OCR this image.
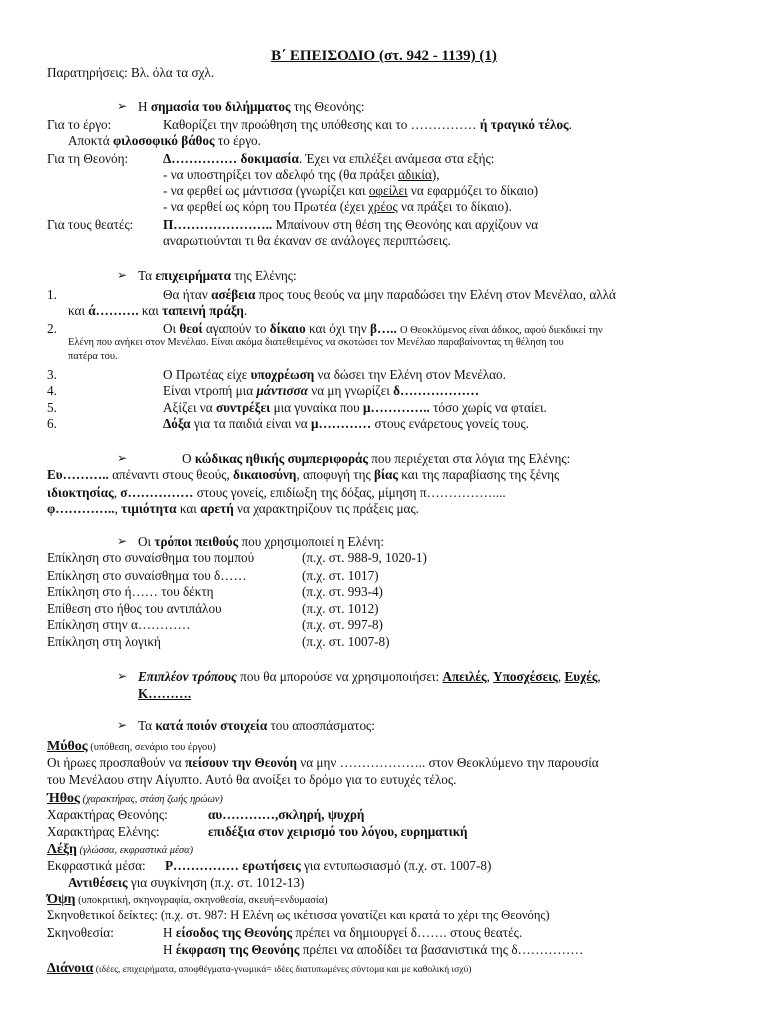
Β΄ ΕΠΕΙΣΟΔΙΟ (στ. 942 - 1139) (1)
Παρατηρήσεις: Βλ. όλα τα σχλ.
➢ Η σημασία του διλήμματος της Θεονόης:
Για το έργο:	Καθορίζει την προώθηση της υπόθεσης και το …………… ή τραγικό τέλος.
Αποκτά φιλοσοφικό βάθος το έργο.
Για τη Θεονόη:	Δ…………… δοκιμασία. Έχει να επιλέξει ανάμεσα στα εξής:
- να υποστηρίξει τον αδελφό της (θα πράξει αδικία),
- να φερθεί ως μάντισσα (γνωρίζει και οφείλει να εφαρμόζει το δίκαιο)
- να φερθεί ως κόρη του Πρωτέα (έχει χρέος να πράξει το δίκαιο).
Για τους θεατές: Π………………….. Μπαίνουν στη θέση της Θεονόης και αρχίζουν να
αναρωτιούνται τι θα έκαναν σε ανάλογες περιπτώσεις.
➢ Τα επιχειρήματα της Ελένης:
1.	Θα ήταν ασέβεια προς τους θεούς να μην παραδώσει την Ελένη στον Μενέλαο, αλλά
και ά………. και ταπεινή πράξη.
2.	Οι θεοί αγαπούν το δίκαιο και όχι την β….. Ο Θεοκλύμενος είναι άδικος, αφού διεκδικεί την
Ελένη που ανήκει στον Μενέλαο. Είναι ακόμα διατεθειμένος να σκοτώσει τον Μενέλαο παραβαίνοντας τη θέληση του
πατέρα του.
3.	Ο Πρωτέας είχε υποχρέωση να δώσει την Ελένη στον Μενέλαο.
4.	Είναι ντροπή μια μάντισσα να μη γνωρίζει δ………………
5.	Αξίζει να συντρέξει μια γυναίκα που μ………….. τόσο χωρίς να φταίει.
6.	Δόξα για τα παιδιά είναι να μ………… στους ενάρετους γονείς τους.
➢	Ο κώδικας ηθικής συμπεριφοράς που περιέχεται στα λόγια της Ελένης:
Ευ……….. απέναντι στους θεούς, δικαιοσύνη, αποφυγή της βίας και της παραβίασης της ξένης
ιδιοκτησίας, σ…………… στους γονείς, επιδίωξη της δόξας, μίμηση π……………....
φ………….., τιμιότητα και αρετή να χαρακτηρίζουν τις πράξεις μας.
➢ Οι τρόποι πειθούς που χρησιμοποιεί η Ελένη:
Επίκληση στο συναίσθημα του πομπού	(π.χ. στ. 988-9, 1020-1)
Επίκληση στο συναίσθημα του δ……	(π.χ. στ. 1017)
Επίκληση στο ή…… του δέκτη	(π.χ. στ. 993-4)
Επίθεση στο ήθος του αντιπάλου	(π.χ. στ. 1012)
Επίκληση στην α…………	(π.χ. στ. 997-8)
Επίκληση στη λογική	(π.χ. στ. 1007-8)
➢ Επιπλέον τρόπους που θα μπορούσε να χρησιμοποιήσει: Απειλές, Υποσχέσεις, Ευχές,
Κ……….
➢ Τα κατά ποιόν στοιχεία του αποσπάσματος:
Μύθος (υπόθεση, σενάριο του έργου)
Οι ήρωες προσπαθούν να πείσουν την Θεονόη να μην ……………….. στον Θεοκλύμενο την παρουσία
του Μενέλαου στην Αίγυπτο. Αυτό θα ανοίξει το δρόμο για το ευτυχές τέλος.
Ήθος (χαρακτήρας, στάση ζωής ηρώων)
Χαρακτήρας Θεονόης:	αυ…………,σκληρή, ψυχρή
Χαρακτήρας Ελένης:	επιδέξια στον χειρισμό του λόγου, ευρηματική
Λέξη (γλώσσα, εκφραστικά μέσα)
Εκφραστικά μέσα: Ρ…………… ερωτήσεις για εντυπωσιασμό (π.χ. στ. 1007-8)
Αντιθέσεις για συγκίνηση (π.χ. στ. 1012-13)
Όψη (υποκριτική, σκηνογραφία, σκηνοθεσία, σκευή=ενδυμασία)
Σκηνοθετικοί δείκτες: (π.χ. στ. 987: Η Ελένη ως ικέτισσα γονατίζει και κρατά το χέρι της Θεονόης)
Σκηνοθεσία:	Η είσοδος της Θεονόης πρέπει να δημιουργεί δ……. στους θεατές.
Η έκφραση της Θεονόης πρέπει να αποδίδει τα βασανιστικά της δ……………
Διάνοια (ιδέες, επιχειρήματα, αποφθέγματα-γνωμικά= ιδέες διατυπωμένες σύντομα και με καθολική ισχύ)
